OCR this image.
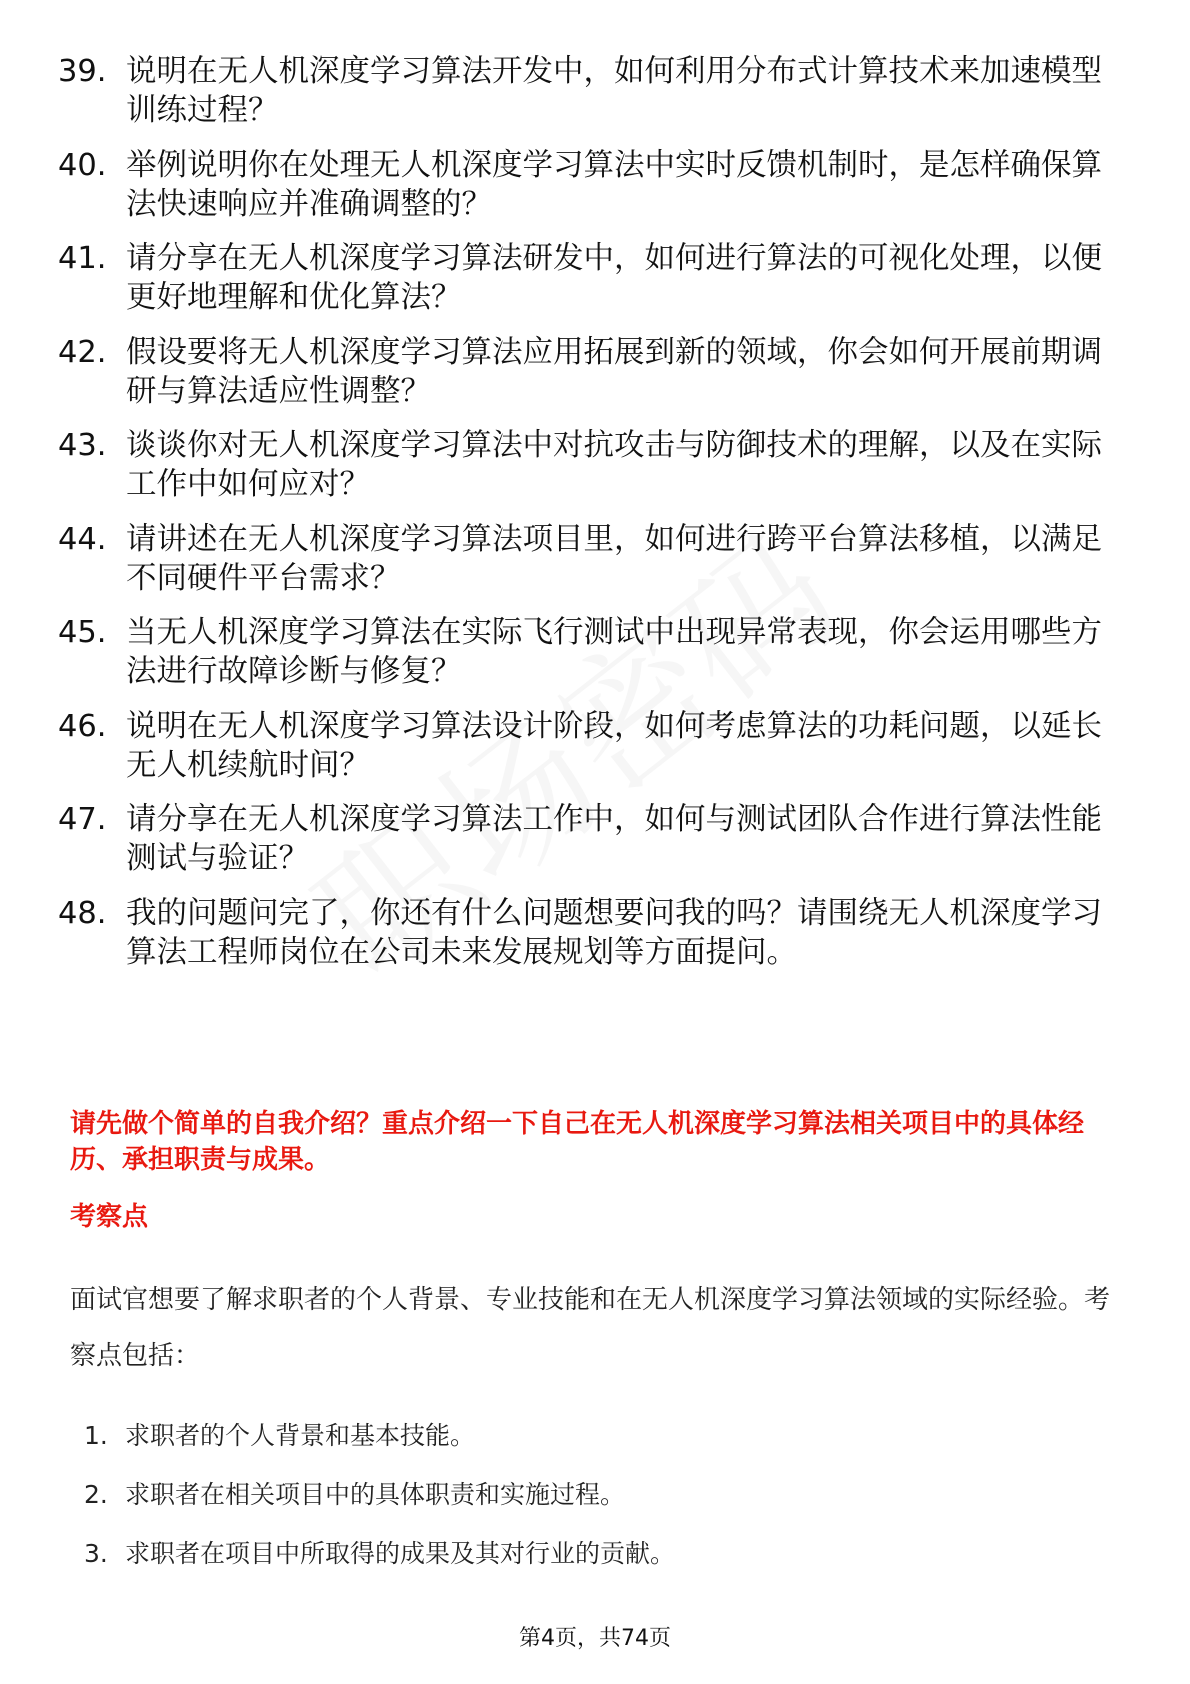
39. 说明在无人机深度学习算法开发中，如何利用分布式计算技术来加速模型训练过程？
40. 举例说明你在处理无人机深度学习算法中实时反馈机制时，是怎样确保算法快速响应并准确调整的？
41. 请分享在无人机深度学习算法研发中，如何进行算法的可视化处理，以便更好地理解和优化算法？
42. 假设要将无人机深度学习算法应用拓展到新的领域，你会如何开展前期调研与算法适应性调整？
43. 谈谈你对无人机深度学习算法中对抗攻击与防御技术的理解，以及在实际工作中如何应对？
44. 请讲述在无人机深度学习算法项目里，如何进行跨平台算法移植，以满足不同硬件平台需求？
45. 当无人机深度学习算法在实际飞行测试中出现异常表现，你会运用哪些方法进行故障诊断与修复？
46. 说明在无人机深度学习算法设计阶段，如何考虑算法的功耗问题，以延长无人机续航时间？
47. 请分享在无人机深度学习算法工作中，如何与测试团队合作进行算法性能测试与验证？
48. 我的问题问完了，你还有什么问题想要问我的吗？请围绕无人机深度学习算法工程师岗位在公司未来发展规划等方面提问。

请先做个简单的自我介绍？重点介绍一下自己在无人机深度学习算法相关项目中的具体经历、承担职责与成果。

考察点

面试官想要了解求职者的个人背景、专业技能和在无人机深度学习算法领域的实际经验。考察点包括：

1. 求职者的个人背景和基本技能。
2. 求职者在相关项目中的具体职责和实施过程。
3. 求职者在项目中所取得的成果及其对行业的贡献。
第4页，共74页
